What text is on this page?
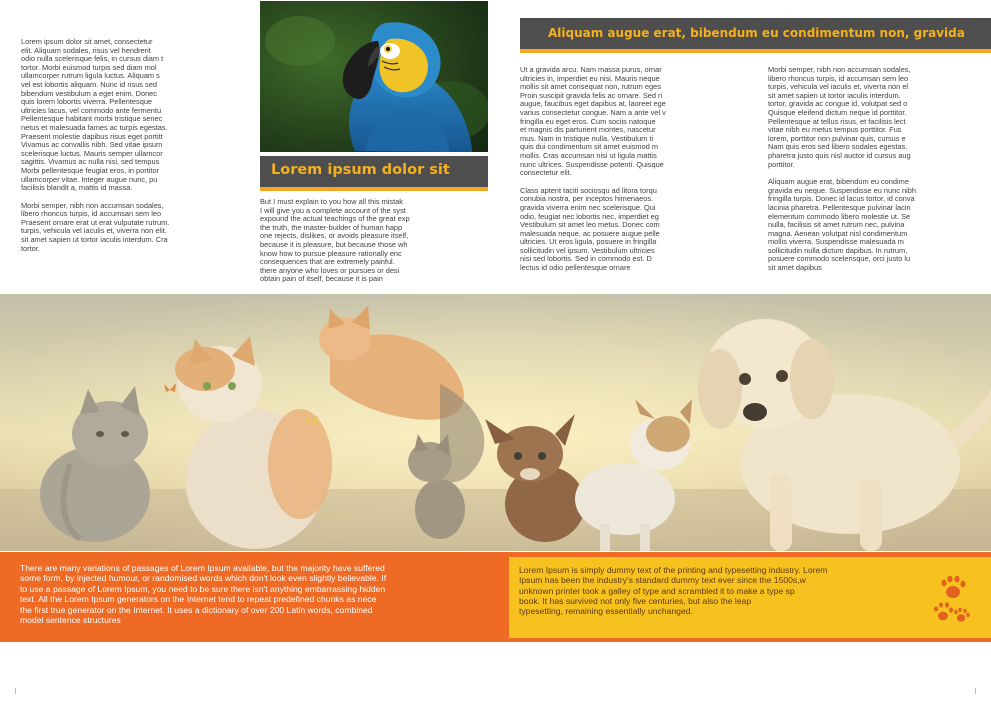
Lorem ipsum dolor sit amet, consectetur
elit. Aliquam sodales, risus vel hendrerit
odio nulla scelerisque felis, in cursus diam t
tortor. Morbi euismod turpis sed diam mol
ullamcorper rutrum ligula luctus. Aliquam s
vel est lobortis aliquam. Nunc id risus sed
bibendum vestibulum a eget enim. Donec
quis lorem lobortis viverra. Pellentesque
ultricies lacus, vel commodo ante fermentu
Pellentesque habitant morbi tristique senec
netus et malesuada fames ac turpis egestas.
Praesent molestie dapibus risus eget portitt
Vivamus ac convallis nibh. Sed vitae ipsum
scelerisque luctus. Mauris semper ullamcor
sagittis. Vivamus ac nulla nisi, sed tempus
Morbi pellentesque feugiat eros, in portitor
ullamcorper vitae. Integer augue nunc, pu
facilisis blandit a, mattis id massa.

Morbi semper, nibh non accumsan sodales,
libero rhoncus turpis, id accumsan sem leo
Praesent ornare erat ut erat vulputate rutrum.
turpis, vehicula vel iaculis et, viverra non elit.
sit amet sapien ut tortor iaculis interdum. Cra
tortor.

Lorem ipsum dolor sit

But I must explain to you how all this mistak
I will give you a complete account of the syst
expound the actual teachings of the great exp
the truth, the master-builder of human happ
one rejects, dislikes, or avoids pleasure itself,
because it is pleasure, but because those wh
know how to pursue pleasure rationally enc
consequences that are extremely painful.
there anyone who loves or pursues or desi
obtain pain of itself, because it is pain

Aliquam augue erat, bibendum eu condimentum non, gravida

Ut a gravida arcu. Nam massa purus, ornar
ultricies in, imperdiet eu nisi. Mauris neque
mollis sit amet consequat non, rutrum eges
Proin suscipit gravida felis ac ornare. Sed ri
augue, faucibus eget dapibus at, laoreet ege
varius consectetur congue. Nam a ante vel v
fringilla eu eget eros. Cum sociis natoque
et magnis dis parturient montes, nascetur
mus. Nam in tristique nulla. Vestibulum ti
quis dui condimentum sit amet euismod m
mollis. Cras accumsan nisi ut ligula mattis
nunc ultrices. Suspendisse potenti. Quisque
consectetur elit.

Class aptent taciti sociosqu ad litora torqu
conubia nostra, per inceptos himenaeos.
gravida viverra enim nec scelerisque. Qui
odio, feugiat nec lobortis nec, imperdiet eg
Vestibulum sit amet leo metus. Donec com
malesuada neque, ac posuere augue pelle
ultricies. Ut eros ligula, posuere in fringilla
sollicitudin vel ipsum. Vestibulum ultricies
nisi sed lobortis. Sed in commodo est. D
lectus id odio pellentesque ornare

Morbi semper, nibh non accumsan sodales,
libero rhoncus turpis, id accumsan sem leo
turpis, vehicula vel iaculis et, viverra non el
sit amet sapien ut tortor iaculis interdum.
tortor, gravida ac congue id, volutpat sed o
Quisque eleifend dictum neque id porttitor.
Pellentesque at tellus risus, et facilisis lect
vitae nibh eu metus tempus porttitor. Fus
lorem, porttitor non pulvinar quis, cursus e
Nam quis eros sed libero sodales egestas.
pharetra justo quis nisl auctor id cursus aug
porttitor.

Aliquam augue erat, bibendum eu condime
gravida eu neque. Suspendisse eu nunc nibh
fringilla turpis. Donec id lacus tortor, id conva
lacinia pharetra. Pellentesque pulvinar lacin
elementum commodo libero molestie ut. Se
nulla, facilisis sit amet rutrum nec, pulvina
magna. Aenean volutpat nisl condimentum
mollis viverra. Suspendisse malesuada m
sollicitudin nulla dictum dapibus. In rutrum,
posuere commodo scelerisque, orci justo lu
sit amet dapibus

There are many variations of passages of Lorem Ipsum available, but the majority have suffered
some form, by injected humour, or randomised words which don't look even slightly believable. If
to use a passage of Lorem Ipsum, you need to be sure there isn't anything embarrassing hidden
text. All the Lorem Ipsum generators on the Internet tend to repeat predefined chunks as nece
the first true generator on the Internet. It uses a dictionary of over 200 Latin words, combined
model sentence structures

Lorem Ipsum is simply dummy text of the printing and typesetting industry. Lorem
Ipsum has been the industry's standard dummy text ever since the 1500s,w
unknown printer took a galley of type and scrambled it to make a type sp
book. It has survived not only five centuries, but also the leap
typesetting, remaining essentially unchanged.
